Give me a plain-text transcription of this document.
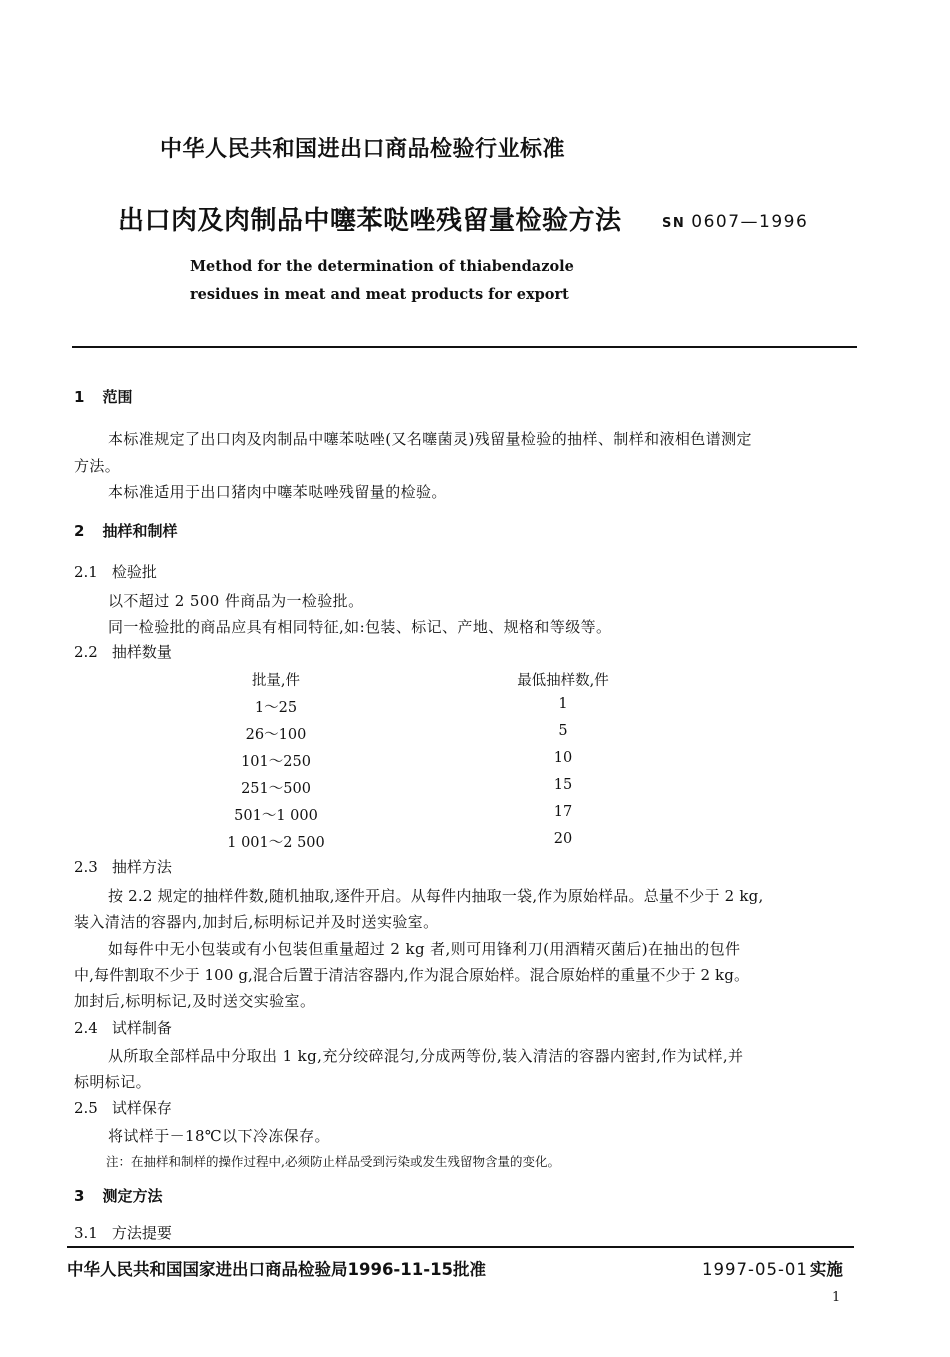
中华人民共和国进出口商品检验行业标准
出口肉及肉制品中噻苯哒唑残留量检验方法	SN 0607—1996
Method for the determination of thiabendazole
residues in meat and meat products for export
1 范围
本标准规定了出口肉及肉制品中噻苯哒唑(又名噻菌灵)残留量检验的抽样、制样和液相色谱测定
方法。
本标准适用于出口猪肉中噻苯哒唑残留量的检验。
2 抽样和制样
2.1 检验批
以不超过 2 500 件商品为一检验批。
同一检验批的商品应具有相同特征,如:包装、标记、产地、规格和等级等。
2.2 抽样数量
批量,件	最低抽样数,件
1～25	1
26～100	5
101～250	10
251～500	15
501～1 000	17
1 001～2 500	20
2.3 抽样方法
按 2.2 规定的抽样件数,随机抽取,逐件开启。从每件内抽取一袋,作为原始样品。总量不少于 2 kg,
装入清洁的容器内,加封后,标明标记并及时送实验室。
如每件中无小包装或有小包装但重量超过 2 kg 者,则可用锋利刀(用酒精灭菌后)在抽出的包件
中,每件割取不少于 100 g,混合后置于清洁容器内,作为混合原始样。混合原始样的重量不少于 2 kg。
加封后,标明标记,及时送交实验室。
2.4 试样制备
从所取全部样品中分取出 1 kg,充分绞碎混匀,分成两等份,装入清洁的容器内密封,作为试样,并
标明标记。
2.5 试样保存
将试样于－18℃以下冷冻保存。
注：在抽样和制样的操作过程中,必须防止样品受到污染或发生残留物含量的变化。
3 测定方法
3.1 方法提要
中华人民共和国国家进出口商品检验局1996-11-15批准	1997-05-01 实施
1
